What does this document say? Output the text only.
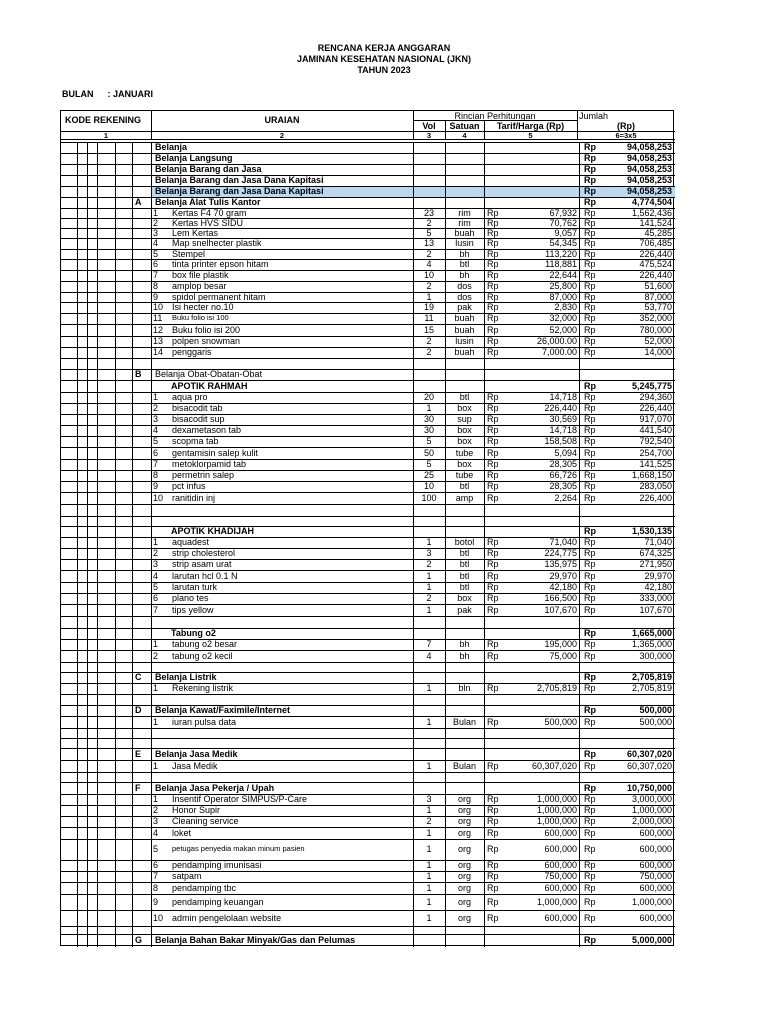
RENCANA KERJA ANGGARAN
JAMINAN KESEHATAN NASIONAL (JKN)
TAHUN 2023
BULAN : JANUARI
KODE REKENING	URAIAN	Rincian Perhitungan
Vol	Satuan	Tarif/Harga (Rp)
Jumlah
(Rp)
1	2	3	4	5	6=3x5
Belanja	Rp	94,058,253
Belanja Langsung	Rp	94,058,253
Belanja Barang dan Jasa	Rp	94,058,253
Belanja Barang dan Jasa Dana Kapitasi	Rp	94,058,253
Belanja Barang dan Jasa Dana Kapitasi	Rp	94,058,253
A Belanja Alat Tulis Kantor	Rp	4,774,504
1 Kertas F4 70 gram	23	rim	Rp	67,932 Rp	1,562,436
2 Kertas HVS SIDU	2	rim	Rp	70,762 Rp	141,524
3 Lem Kertas	5	buah	Rp	9,057 Rp	45,285
4 Map snelhecter plastik	13	lusin	Rp	54,345 Rp	706,485
5 Stempel	2	bh	Rp	113,220 Rp	226,440
6 tinta printer epson hitam	4	btl	Rp	118,881 Rp	475,524
7 box file plastik	10	bh	Rp	22,644 Rp	226,440
8 amplop besar	2	dos	Rp	25,800 Rp	51,600
9 spidol permanent hitam	1	dos	Rp	87,000 Rp	87,000
10 Isi hecter no.10	19	pak	Rp	2,830 Rp	53,770
11 Buku folio isi 100	11	buah	Rp	32,000 Rp	352,000
12 Buku folio isi 200	15	buah	Rp	52,000 Rp	780,000
13 polpen snowman	2	lusin	Rp	26,000.00 Rp	52,000
14 penggaris	2	buah	Rp	7,000.00 Rp	14,000
B Belanja Obat-Obatan-Obat
APOTIK RAHMAH	Rp	5,245,775
1 aqua pro	20	btl	Rp	14,718 Rp	294,360
2 bisacodit tab	1	box	Rp	226,440 Rp	226,440
3 bisacodit sup	30	sup	Rp	30,569 Rp	917,070
4 dexametason tab	30	box	Rp	14,718 Rp	441,540
5 scopma tab	5	box	Rp	158,508 Rp	792,540
6 gentamisin salep kulit	50	tube	Rp	5,094 Rp	254,700
7 metoklorpamid tab	5	box	Rp	28,305 Rp	141,525
8 permetrin salep	25	tube	Rp	66,726 Rp	1,668,150
9 pct infus	10	btl	Rp	28,305 Rp	283,050
10 ranitidin inj	100	amp	Rp	2,264 Rp	226,400
APOTIK KHADIJAH	Rp	1,530,135
1 aquadest	1	botol	Rp	71,040 Rp	71,040
2 strip cholesterol	3	btl	Rp	224,775 Rp	674,325
3 strip asam urat	2	btl	Rp	135,975 Rp	271,950
4 larutan hcl 0.1 N	1	btl	Rp	29,970 Rp	29,970
5 larutan turk	1	btl	Rp	42,180 Rp	42,180
6 plano tes	2	box	Rp	166,500 Rp	333,000
7 tips yellow	1	pak	Rp	107,670 Rp	107,670
Tabung o2	Rp	1,665,000
1 tabung o2 besar	7	bh	Rp	195,000 Rp	1,365,000
2 tabung o2 kecil	4	bh	Rp	75,000 Rp	300,000
C Belanja Listrik	Rp	2,705,819
1 Rekening listrik	1	bln	Rp	2,705,819 Rp	2,705,819
D Belanja Kawat/Faximile/Internet	Rp	500,000
1 iuran pulsa data	1	Bulan	Rp	500,000 Rp	500,000
E Belanja Jasa Medik	Rp	60,307,020
1 Jasa Medik	1	Bulan	Rp	60,307,020 Rp	60,307,020
F Belanja Jasa Pekerja / Upah	Rp	10,750,000
1 Insentif Operator SIMPUS/P-Care	3	org	Rp	1,000,000 Rp	3,000,000
2 Honor Supir	1	org	Rp	1,000,000 Rp	1,000,000
3 Cleaning service	2	org	Rp	1,000,000 Rp	2,000,000
4 loket	1	org	Rp	600,000 Rp	600,000
5 petugas penyedia makan minum pasien	1	org	Rp	600,000 Rp	600,000
6 pendamping imunisasi	1	org	Rp	600,000 Rp	600,000
7 satpam	1	org	Rp	750,000 Rp	750,000
8 pendamping tbc	1	org	Rp	600,000 Rp	600,000
9 pendamping keuangan	1	org	Rp	1,000,000 Rp	1,000,000
10 admin pengelolaan website	1	org	Rp	600,000 Rp	600,000
G Belanja Bahan Bakar Minyak/Gas dan Pelumas	Rp	5,000,000
